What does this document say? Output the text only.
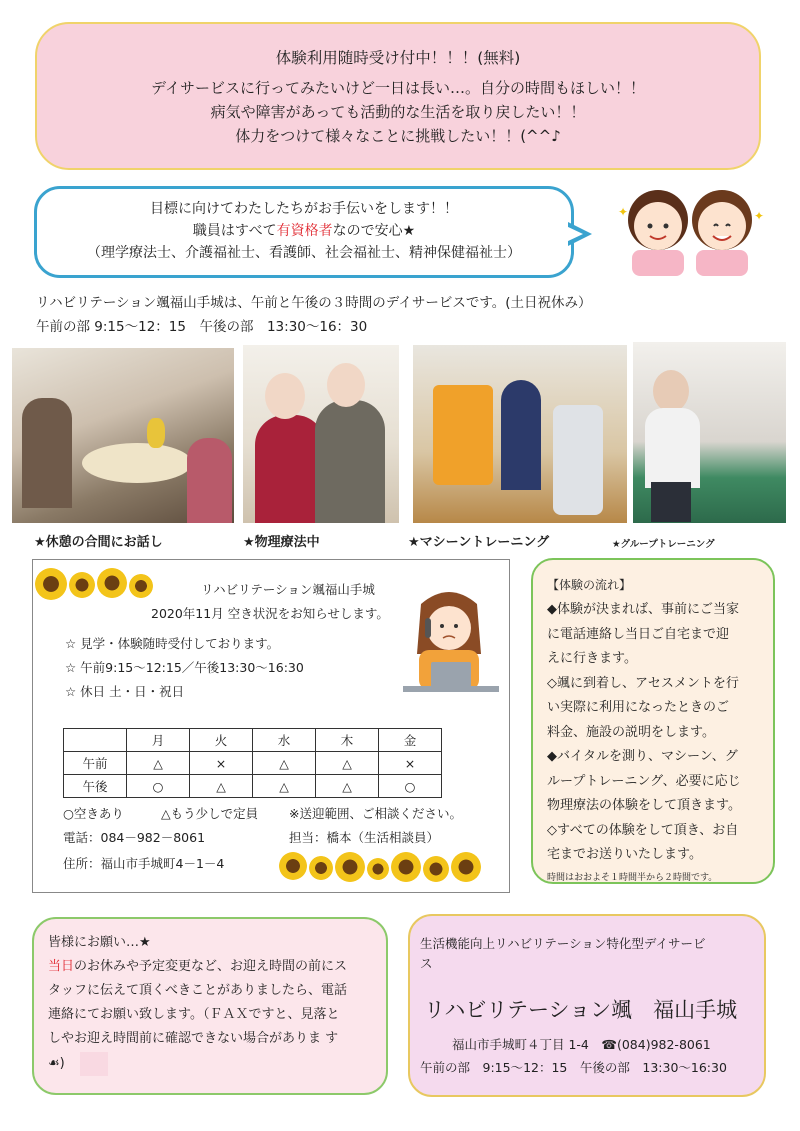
体験利用随時受け付中！！！(無料)
デイサービスに行ってみたいけど一日は長い…。自分の時間もほしい！！
病気や障害があっても活動的な生活を取り戻したい！！
体力をつけて様々なことに挑戦したい！！(^^♪
目標に向けてわたしたちがお手伝いをします！！
職員はすべて有資格者なので安心★
（理学療法士、介護福祉士、看護師、社会福祉士、精神保健福祉士）
✦	✦
リハビリテーション颯福山手城は、午前と午後の３時間のデイサービスです。(土日祝休み）
午前の部 9:15～12：15　午後の部　13:30～16：30
★休憩の合間にお話し	★物理療法中	★マシーントレーニング	★グループトレーニング
リハビリテーション颯福山手城
2020年11月 空き状況をお知らせします。
☆ 見学・体験随時受付しております。
☆ 午前9:15～12:15／午後13:30～16:30
☆ 休日 土・日・祝日
	月	火	水	木	金
午前	△	×	△	△	×
午後	○	△	△	△	○
○空きあり	△もう少しで定員 ※送迎範囲、ご相談ください。
電話：084－982－8061	担当：橋本（生活相談員）
住所：福山市手城町4－1－4
【体験の流れ】
◆体験が決まれば、事前にご当家
に電話連絡し当日ご自宅まで迎
えに行きます。
◇颯に到着し、アセスメントを行
い実際に利用になったときのご
料金、施設の説明をします。
◆バイタルを測り、マシーン、グ
ループトレーニング、必要に応じ
物理療法の体験をして頂きます。
◇すべての体験をして頂き、お自
宅までお送りいたします。
時間はおおよそ１時間半から２時間です。
皆様にお願い…★
当日のお休みや予定変更など、お迎え時間の前にス
タッフに伝えて頂くべきことがありましたら、電話
連絡にてお願い致します。（ＦＡＸですと、見落と
しやお迎え時間前に確認できない場合がありま す
☙)
生活機能向上リハビリテーション特化型デイサービ
ス
リハビリテーション颯　福山手城
福山市手城町４丁目 1-4　☎(084)982-8061
午前の部　9:15～12：15　午後の部　13:30～16:30
